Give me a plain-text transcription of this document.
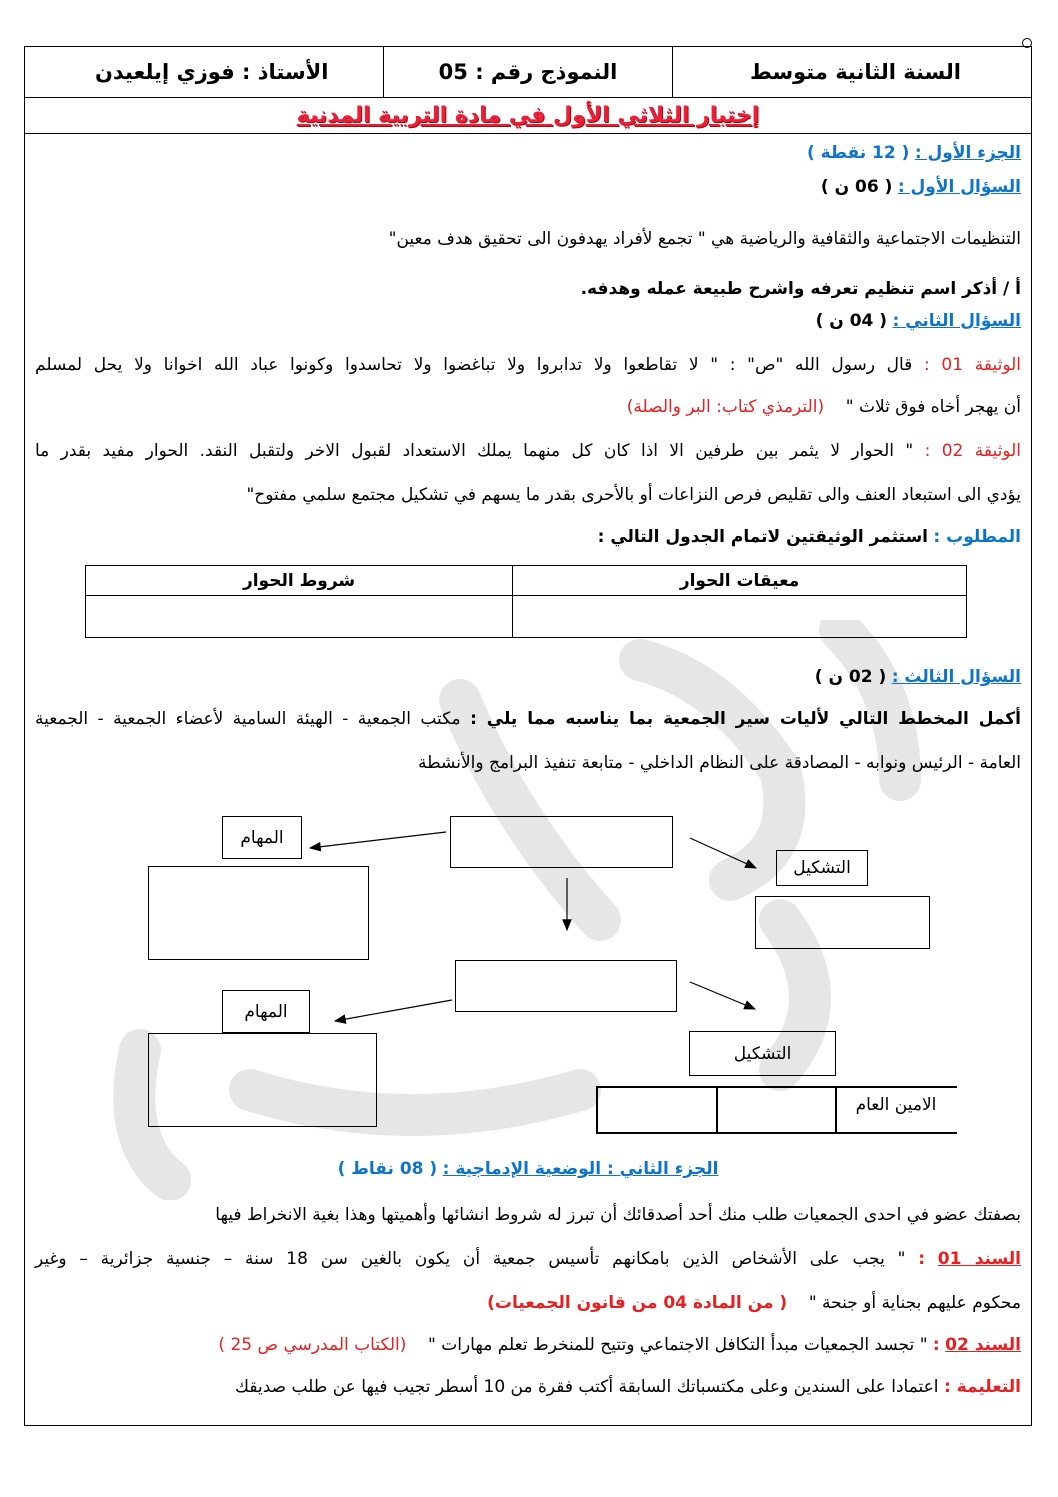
السنة الثانية متوسط
النموذج رقم : 05
الأستاذ : فوزي إيلعيدن
إختبار الثلاثي الأول في مادة التربية المدنية
الجزء الأول : ( 12 نقطة )
السؤال الأول : ( 06 ن )
التنظيمات الاجتماعية والثقافية والرياضية هي " تجمع لأفراد يهدفون الى تحقيق هدف معين"
أ / أذكر اسم تنظيم تعرفه واشرح طبيعة عمله وهدفه.
السؤال الثاني : ( 04 ن )
الوثيقة 01 : قال رسول الله "ص" : " لا تقاطعوا ولا تدابروا ولا تباغضوا ولا تحاسدوا وكونوا عباد الله اخوانا ولا يحل لمسلم
أن يهجر أخاه فوق ثلاث "    (الترمذي كتاب: البر والصلة)
الوثيقة 02 : " الحوار لا يثمر بين طرفين الا اذا كان كل منهما يملك الاستعداد لقبول الاخر ولتقبل النقد. الحوار مفيد بقدر ما
يؤدي الى استبعاد العنف والى تقليص فرص النزاعات أو بالأحرى بقدر ما يسهم في تشكيل مجتمع سلمي مفتوح"
المطلوب : استثمر الوثيقتين لاتمام الجدول التالي :
معيقات الحوار	شروط الحوار

السؤال الثالث : ( 02 ن )
أكمل المخطط التالي لأليات سير الجمعية بما يناسبه مما يلي : مكتب الجمعية - الهيئة السامية لأعضاء الجمعية - الجمعية
العامة - الرئيس ونوابه - المصادقة على النظام الداخلي - متابعة تنفيذ البرامج والأنشطة
الجزء الثاني : الوضعية الإدماجية : ( 08 نقاط )
بصفتك عضو في احدى الجمعيات طلب منك أحد أصدقائك أن تبرز له شروط انشائها وأهميتها وهذا بغية الانخراط فيها
السند 01 : " يجب على الأشخاص الذين بامكانهم تأسيس جمعية أن يكون بالغين سن 18 سنة – جنسية جزائرية – وغير
محكوم عليهم بجناية أو جنحة "    ( من المادة 04 من قانون الجمعيات)
السند 02 : " تجسد الجمعيات مبدأ التكافل الاجتماعي وتتيح للمنخرط تعلم مهارات "    (الكتاب المدرسي ص 25 )
التعليمة : اعتمادا على السندين وعلى مكتسباتك السابقة أكتب فقرة من 10 أسطر تجيب فيها عن طلب صديقك
المهام
التشكيل
المهام
التشكيل
الامين العام
